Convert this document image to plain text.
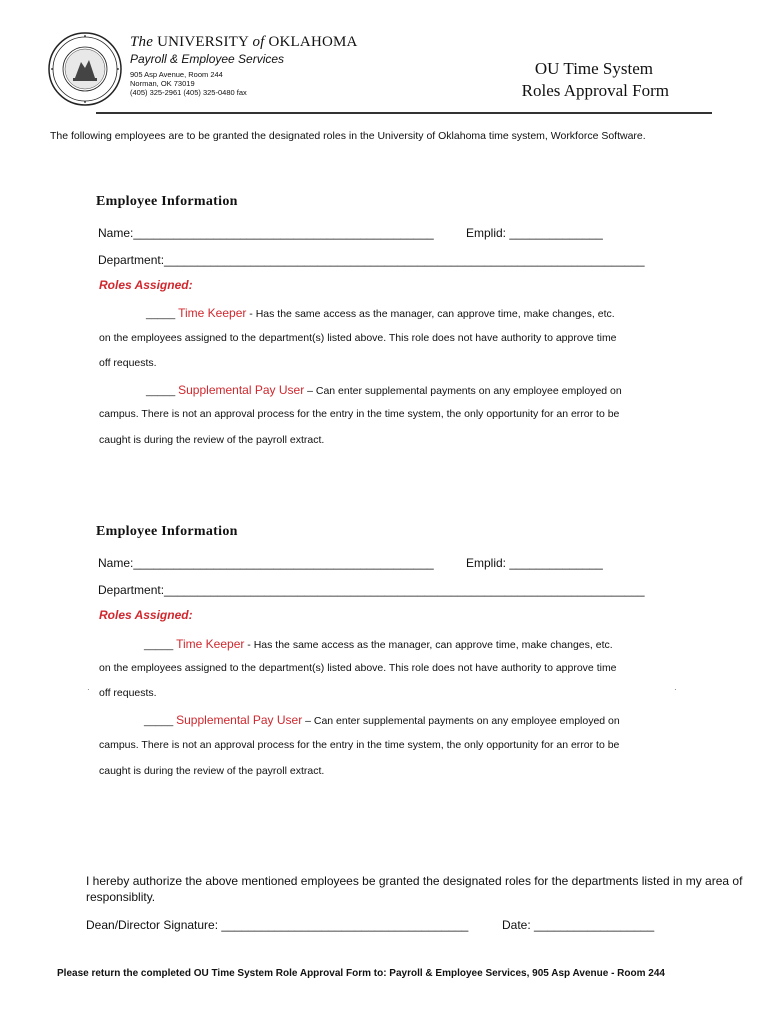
The UNIVERSITY of OKLAHOMA
Payroll & Employee Services
905 Asp Avenue, Room 244
Norman, OK 73019
(405) 325-2961 (405) 325-0480 fax
OU Time System
Roles Approval Form
The following employees are to be granted the designated roles in the University of Oklahoma time system, Workforce Software.
Employee Information
Name:_____________________________________________	Emplid: ______________
Department:________________________________________________________________________
Roles Assigned:
_____ Time Keeper - Has the same access as the manager, can approve time, make changes, etc.
on the employees assigned to the department(s) listed above. This role does not have authority to approve time
off requests.
_____ Supplemental Pay User – Can enter supplemental payments on any employee employed on
campus. There is not an approval process for the entry in the time system, the only opportunity for an error to be
caught is during the review of the payroll extract.
Employee Information
Name:_____________________________________________	Emplid: ______________
Department:________________________________________________________________________
Roles Assigned:
_____ Time Keeper - Has the same access as the manager, can approve time, make changes, etc.
on the employees assigned to the department(s) listed above. This role does not have authority to approve time
· off requests.	·
_____ Supplemental Pay User – Can enter supplemental payments on any employee employed on
campus. There is not an approval process for the entry in the time system, the only opportunity for an error to be
caught is during the review of the payroll extract.
I hereby authorize the above mentioned employees be granted the designated roles for the departments listed in my area of responsiblity.
Dean/Director Signature: _____________________________________	Date: __________________
Please return the completed OU Time System Role Approval Form to: Payroll & Employee Services, 905 Asp Avenue - Room 244
